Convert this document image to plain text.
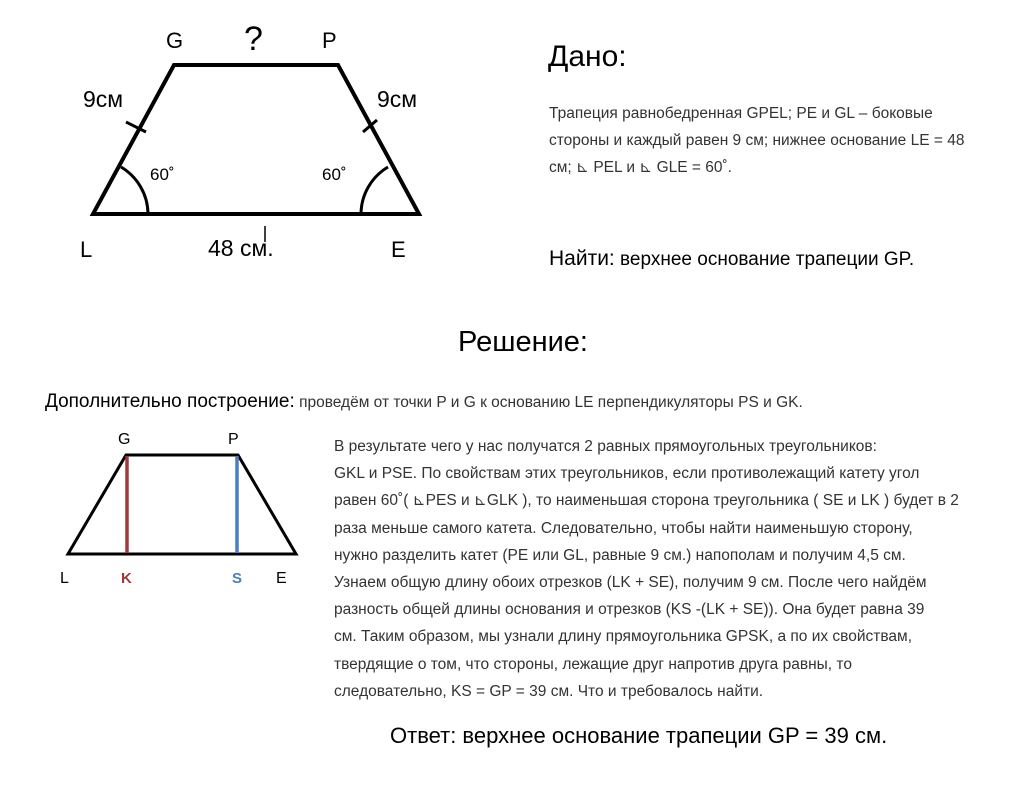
G	P
L	E
?
9см	9см
60˚	60˚
48 см.
G	P
L	E
K	S
Дано:
Трапеция равнобедренная GPEL; PE и GL – боковые стороны и каждый равен 9 см; нижнее основание LE = 48 см; ⊾ PEL и ⊾ GLE = 60˚.
Найти: верхнее основание трапеции GP.
Решение:
Дополнительно построение: проведём от точки P и G к основанию LE перпендикуляторы PS и GK.

В результате чего у нас получатся 2 равных прямоугольных треугольников:

GKL и PSE. По свойствам этих треугольников, если противолежащий катету угол

равен 60˚( ⊾PES и ⊾GLK ), то наименьшая сторона треугольника ( SE и LK ) будет в 2

раза меньше самого катета. Следовательно, чтобы найти наименьшую сторону,

нужно разделить катет (PE или GL, равные 9 см.) напополам и получим 4,5 см.

Узнаем общую длину обоих отрезков (LK + SE), получим 9 см. После чего найдём

разность общей длины основания и отрезков (KS -(LK + SE)). Она будет равна 39

см. Таким образом, мы узнали длину прямоугольника GPSK, а по их свойствам,

твердящие о том, что стороны, лежащие друг напротив друга равны, то

следовательно, KS = GP = 39 см. Что и требовалось найти.

Ответ: верхнее основание трапеции GP = 39 см.
